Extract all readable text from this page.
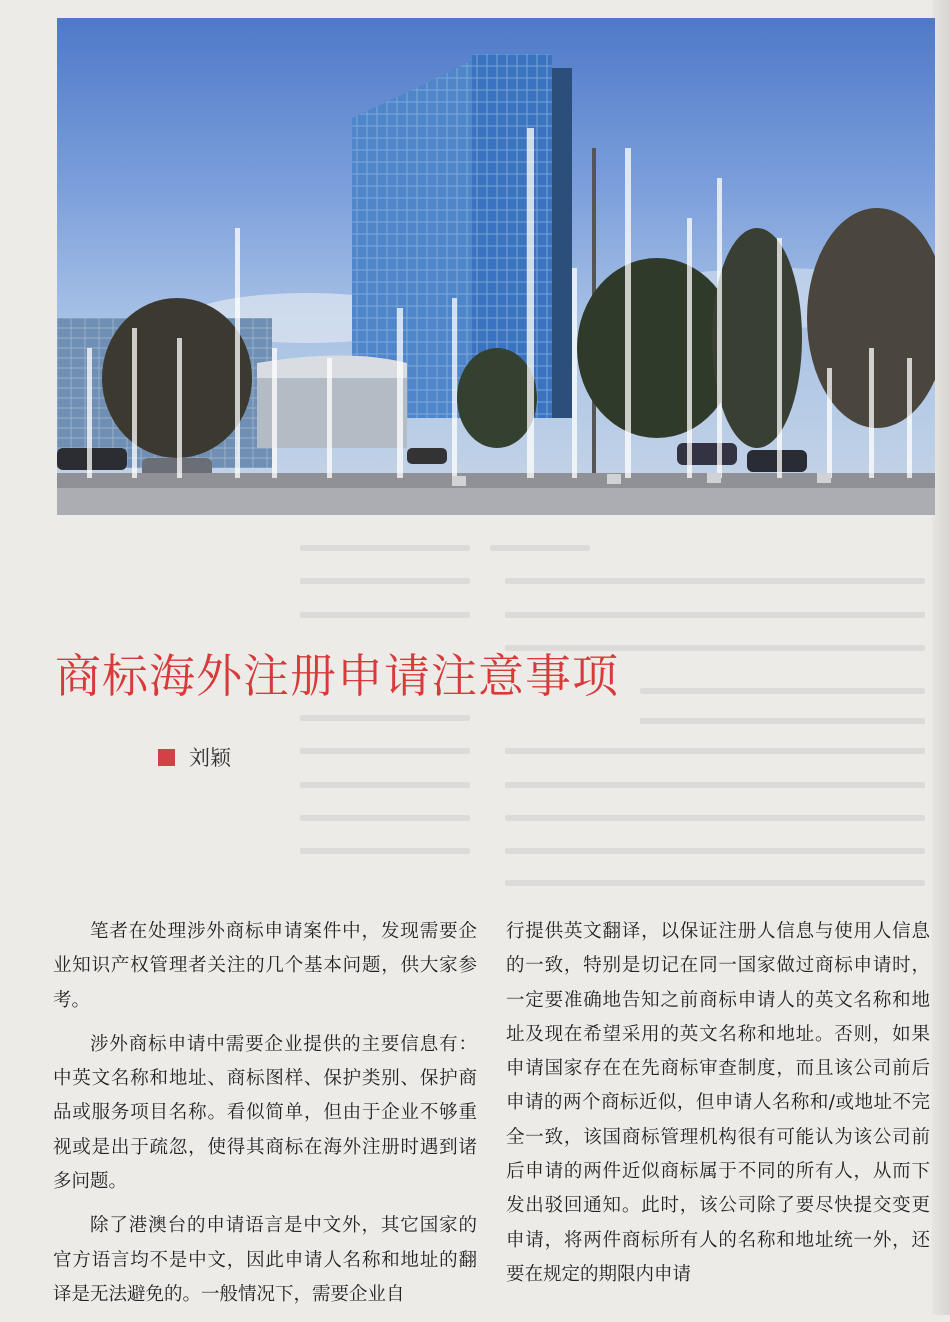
商标海外注册申请注意事项
刘颖

笔者在处理涉外商标申请案件中，发现需要企业知识产权管理者关注的几个基本问题，供大家参考。

涉外商标申请中需要企业提供的主要信息有：中英文名称和地址、商标图样、保护类别、保护商品或服务项目名称。看似简单，但由于企业不够重视或是出于疏忽，使得其商标在海外注册时遇到诸多问题。

除了港澳台的申请语言是中文外，其它国家的官方语言均不是中文，因此申请人名称和地址的翻译是无法避免的。一般情况下，需要企业自

行提供英文翻译，以保证注册人信息与使用人信息的一致，特别是切记在同一国家做过商标申请时，一定要准确地告知之前商标申请人的英文名称和地址及现在希望采用的英文名称和地址。否则，如果申请国家存在在先商标审查制度，而且该公司前后申请的两个商标近似，但申请人名称和/或地址不完全一致，该国商标管理机构很有可能认为该公司前后申请的两件近似商标属于不同的所有人，从而下发出驳回通知。此时，该公司除了要尽快提交变更申请，将两件商标所有人的名称和地址统一外，还要在规定的期限内申请
